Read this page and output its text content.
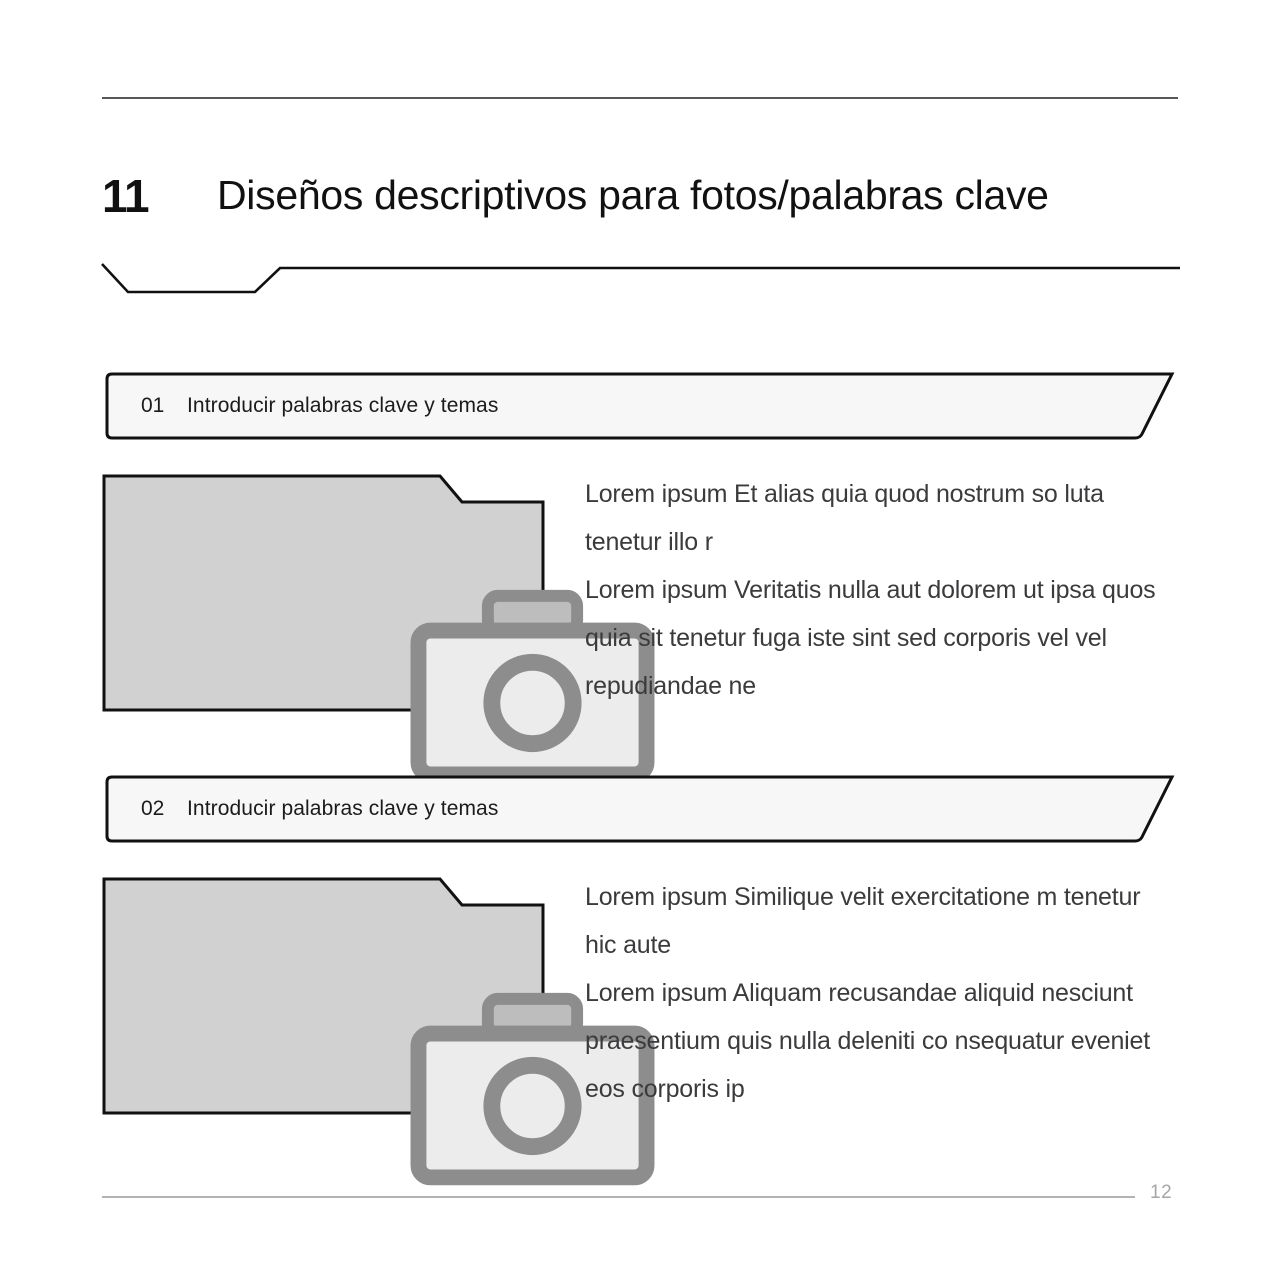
11	Diseños descriptivos para fotos/palabras clave
01	Introducir palabras clave y temas

Lorem ipsum Et alias quia quod nostrum so luta tenetur illo r

Lorem ipsum Veritatis nulla aut dolorem ut ipsa quos quia sit tenetur fuga iste sint sed corporis vel vel repudiandae ne

02	Introducir palabras clave y temas

Lorem ipsum Similique velit exercitatione m tenetur hic aute

Lorem ipsum Aliquam recusandae aliquid nesciunt praesentium quis nulla deleniti co nsequatur eveniet eos corporis ip

12
